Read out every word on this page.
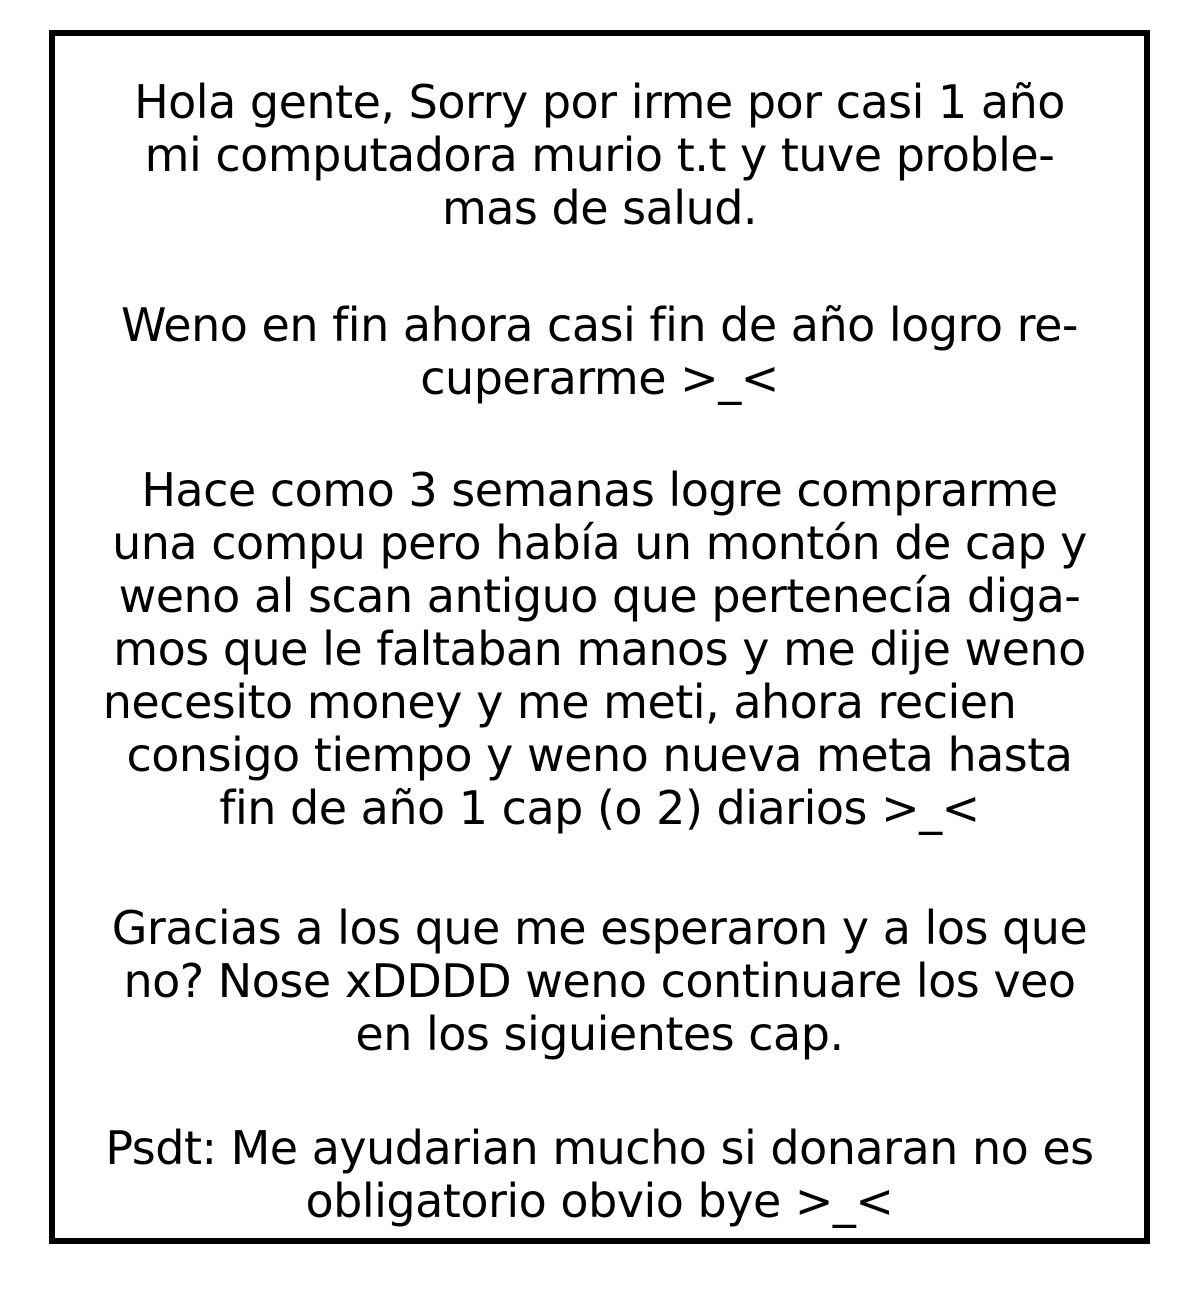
Hola gente, Sorry por irme por casi 1 año
mi computadora murio t.t y tuve proble-
mas de salud.
Weno en fin ahora casi fin de año logro re-
cuperarme >_<
Hace como 3 semanas logre comprarme
una compu pero había un montón de cap y
weno al scan antiguo que pertenecía diga-
mos que le faltaban manos y me dije weno
necesito money y me meti, ahora recien
consigo tiempo y weno nueva meta hasta
fin de año 1 cap (o 2) diarios >_<
Gracias a los que me esperaron y a los que
no? Nose xDDDD weno continuare los veo
en los siguientes cap.
Psdt: Me ayudarian mucho si donaran no es
obligatorio obvio bye >_<
